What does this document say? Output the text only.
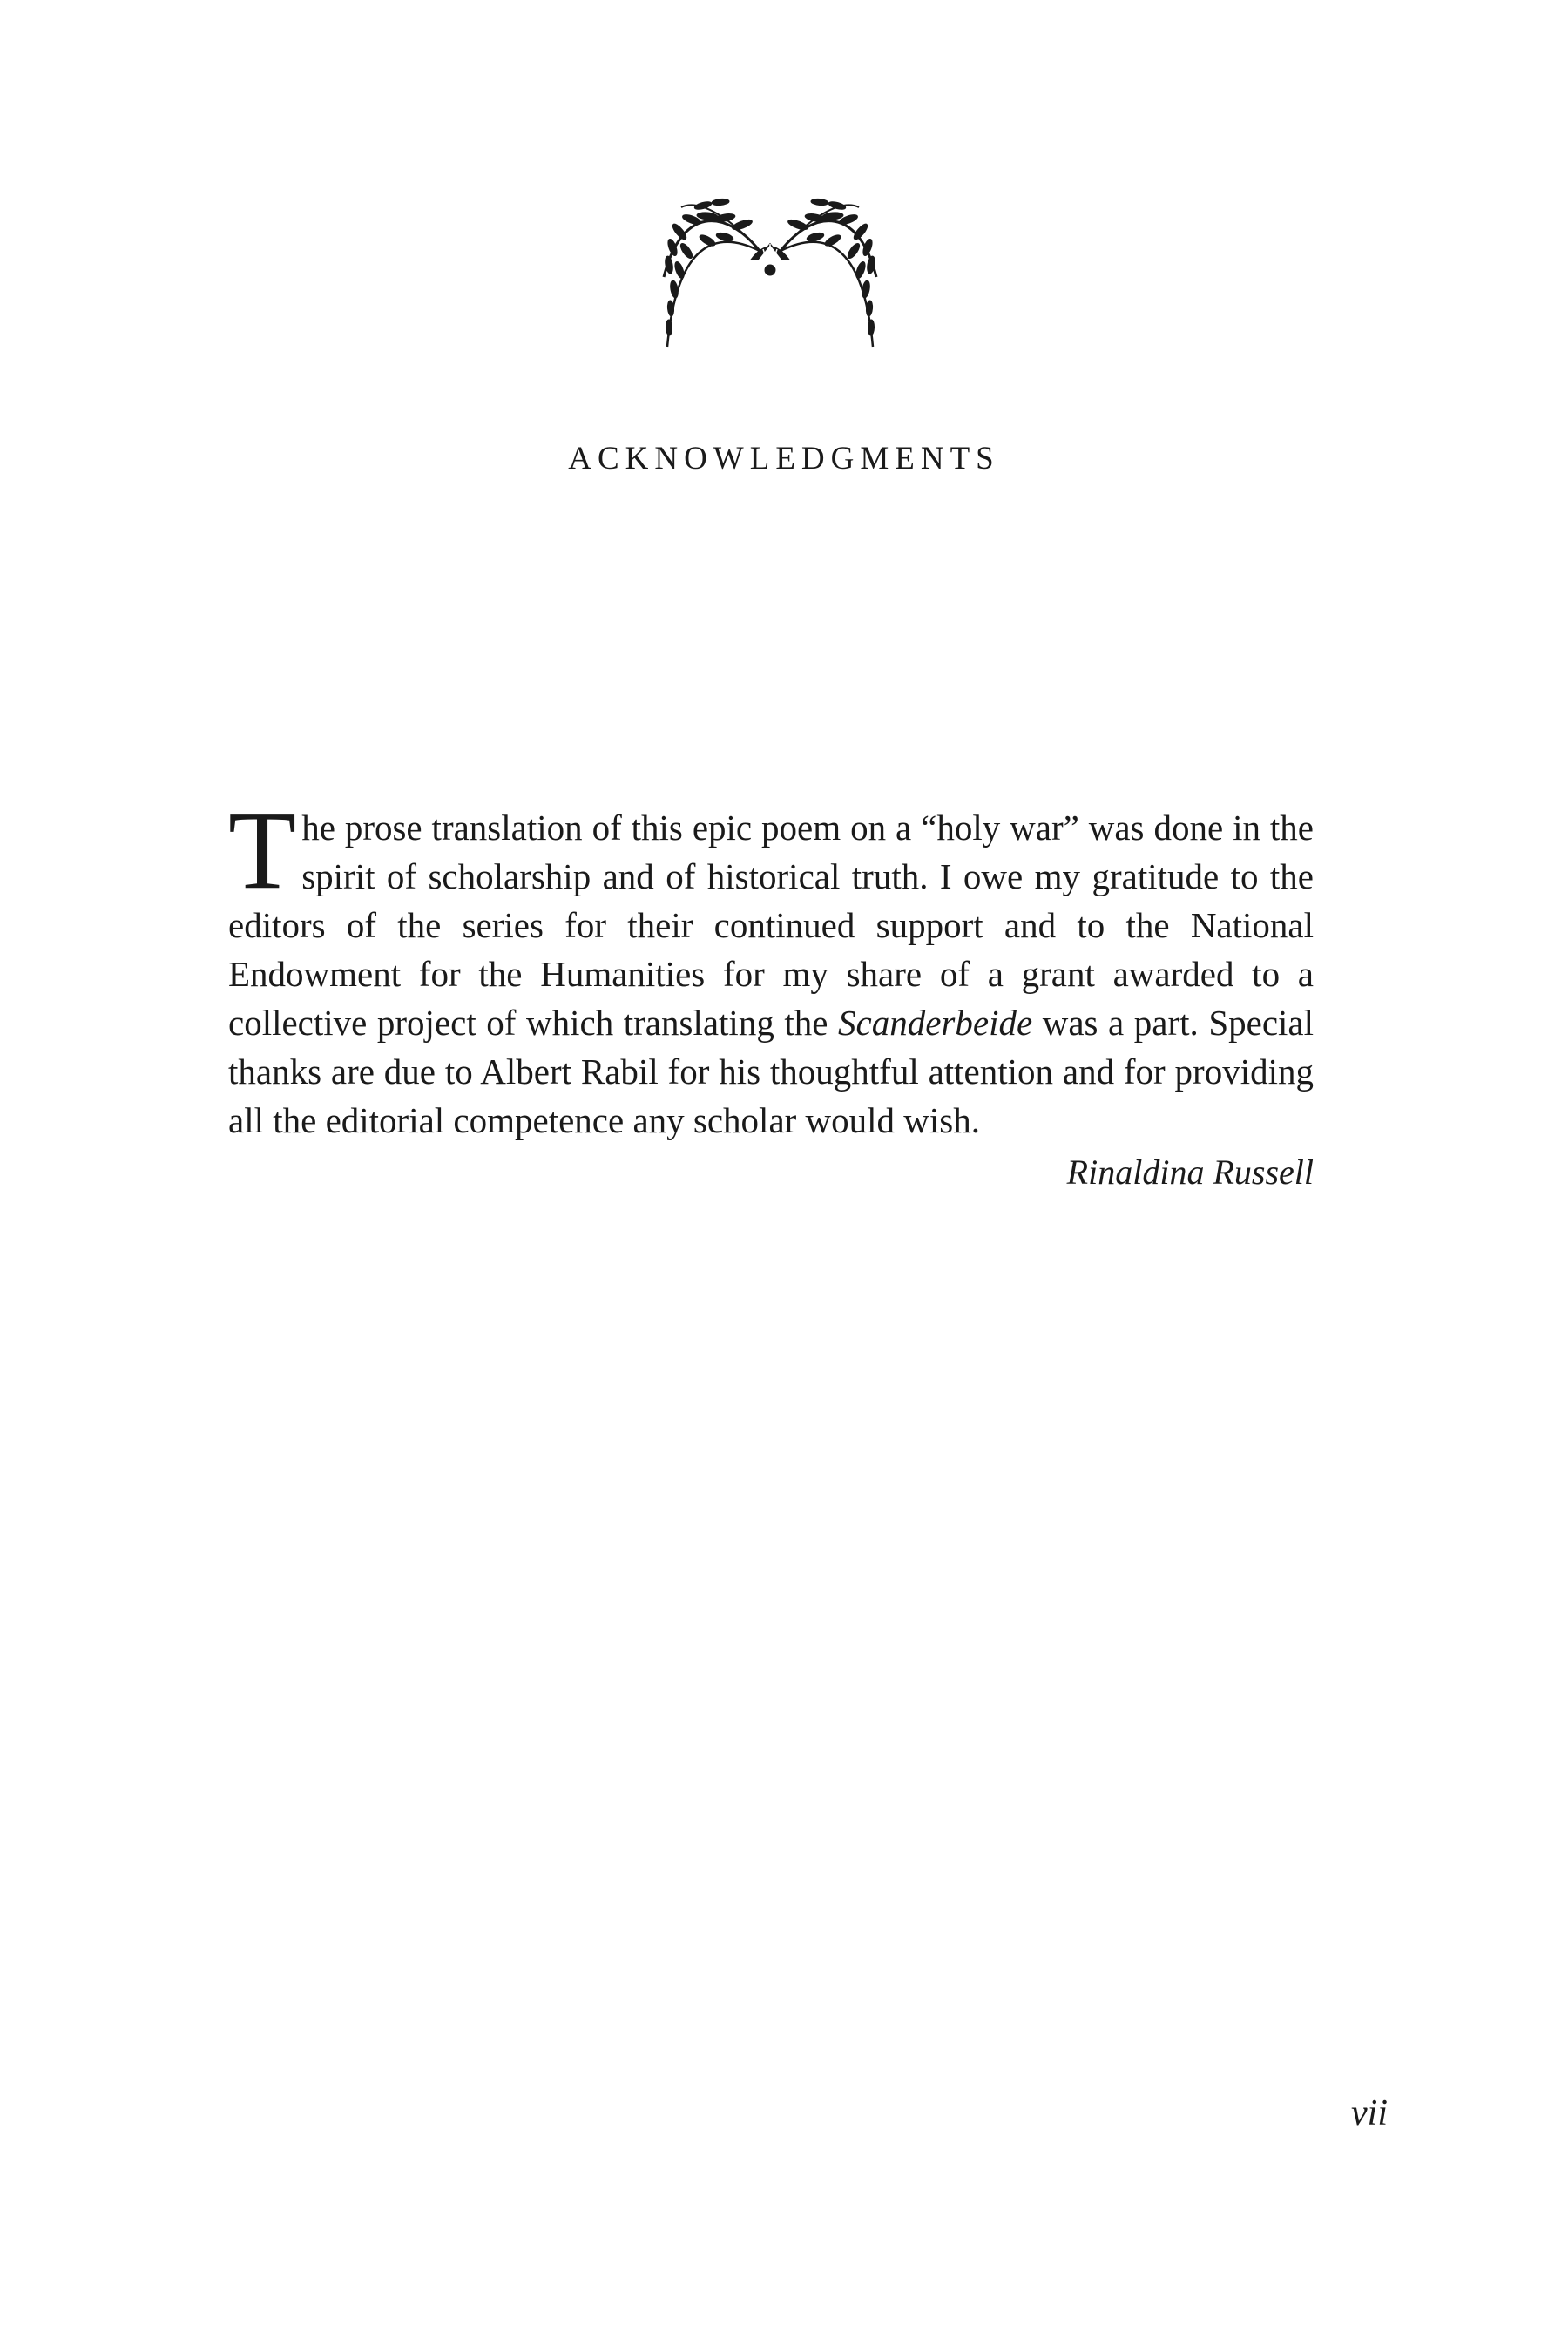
ACKNOWLEDGMENTS

The prose translation of this epic poem on a “holy war” was done in the spirit of scholarship and of historical truth. I owe my gratitude to the editors of the series for their continued support and to the National Endowment for the Humanities for my share of a grant awarded to a collective project of which translating the Scanderbeide was a part. Special thanks are due to Albert Rabil for his thoughtful attention and for providing all the editorial competence any scholar would wish.

Rinaldina Russell
vii
